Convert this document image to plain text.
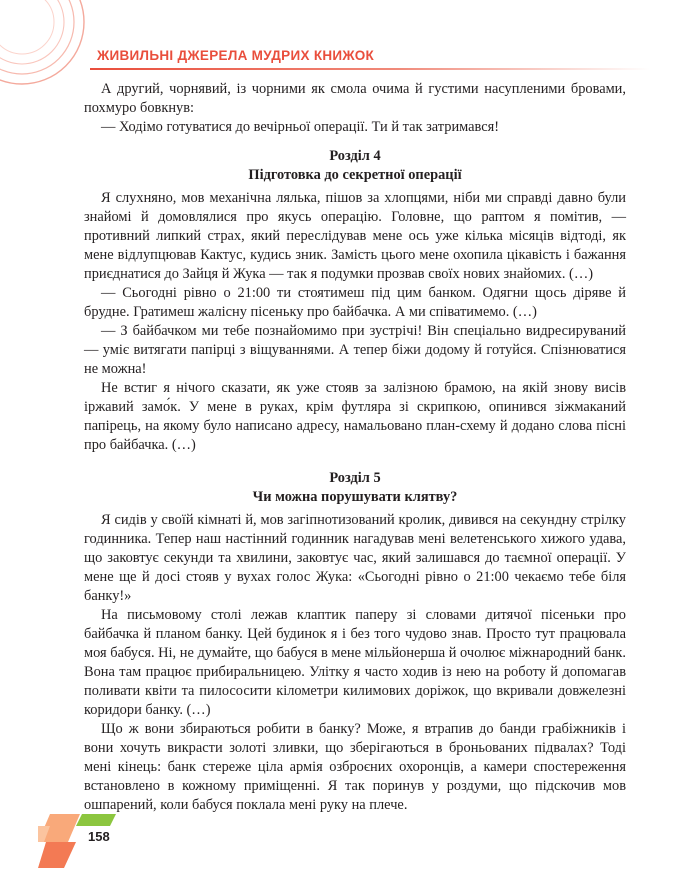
ЖИВИЛЬНІ ДЖЕРЕЛА МУДРИХ КНИЖОК

А другий, чорнявий, із чорними як смола очима й густими насупленими бровами, похмуро бовкнув:

— Ходімо готуватися до вечірньої операції. Ти й так затримався!

Розділ 4
Підготовка до секретної операції

Я слухняно, мов механічна лялька, пішов за хлопцями, ніби ми справді давно були знайомі й домовлялися про якусь операцію. Головне, що раптом я помітив, — противний липкий страх, який переслідував мене ось уже кілька місяців відтоді, як мене відлупцював Кактус, кудись зник. Замість цього мене охопила цікавість і бажання приєднатися до Зайця й Жука — так я подумки прозвав своїх нових знайомих. (…)

— Сьогодні рівно о 21:00 ти стоятимеш під цим банком. Одягни щось діряве й брудне. Гратимеш жалісну пісеньку про байбачка. А ми співатимемо. (…)

— З байбачком ми тебе познайомимо при зустрічі! Він спеціально видресируваний — уміє витягати папірці з віщуваннями. А тепер біжи додому й готуйся. Спізнюватися не можна!

Не встиг я нічого сказати, як уже стояв за залізною брамою, на якій знову висів іржавий замо́к. У мене в руках, крім футляра зі скрипкою, опинився зіжмаканий папірець, на якому було написано адресу, намальовано план-схему й додано слова пісні про байбачка. (…)

Розділ 5
Чи можна порушувати клятву?

Я сидів у своїй кімнаті й, мов загіпнотизований кролик, дивився на секундну стрілку годинника. Тепер наш настінний годинник нагадував мені велетенського хижого удава, що заковтує секунди та хвилини, заковтує час, який залишався до таємної операції. У мене ще й досі стояв у вухах голос Жука: «Сьогодні рівно о 21:00 чекаємо тебе біля банку!»

На письмовому столі лежав клаптик паперу зі словами дитячої пісеньки про байбачка й планом банку. Цей будинок я і без того чудово знав. Просто тут працювала моя бабуся. Ні, не думайте, що бабуся в мене мільйонерша й очолює міжнародний банк. Вона там працює прибиральницею. Улітку я часто ходив із нею на роботу й допомагав поливати квіти та пилососити кілометри килимових доріжок, що вкривали довжелезні коридори банку. (…)

Що ж вони збираються робити в банку? Може, я втрапив до банди грабіжників і вони хочуть викрасти золоті зливки, що зберігаються в броньованих підвалах? Тоді мені кінець: банк стереже ціла армія озброєних охоронців, а камери спостереження встановлено в кожному приміщенні. Я так поринув у роздуми, що підскочив мов ошпарений, коли бабуся поклала мені руку на плече.

158
